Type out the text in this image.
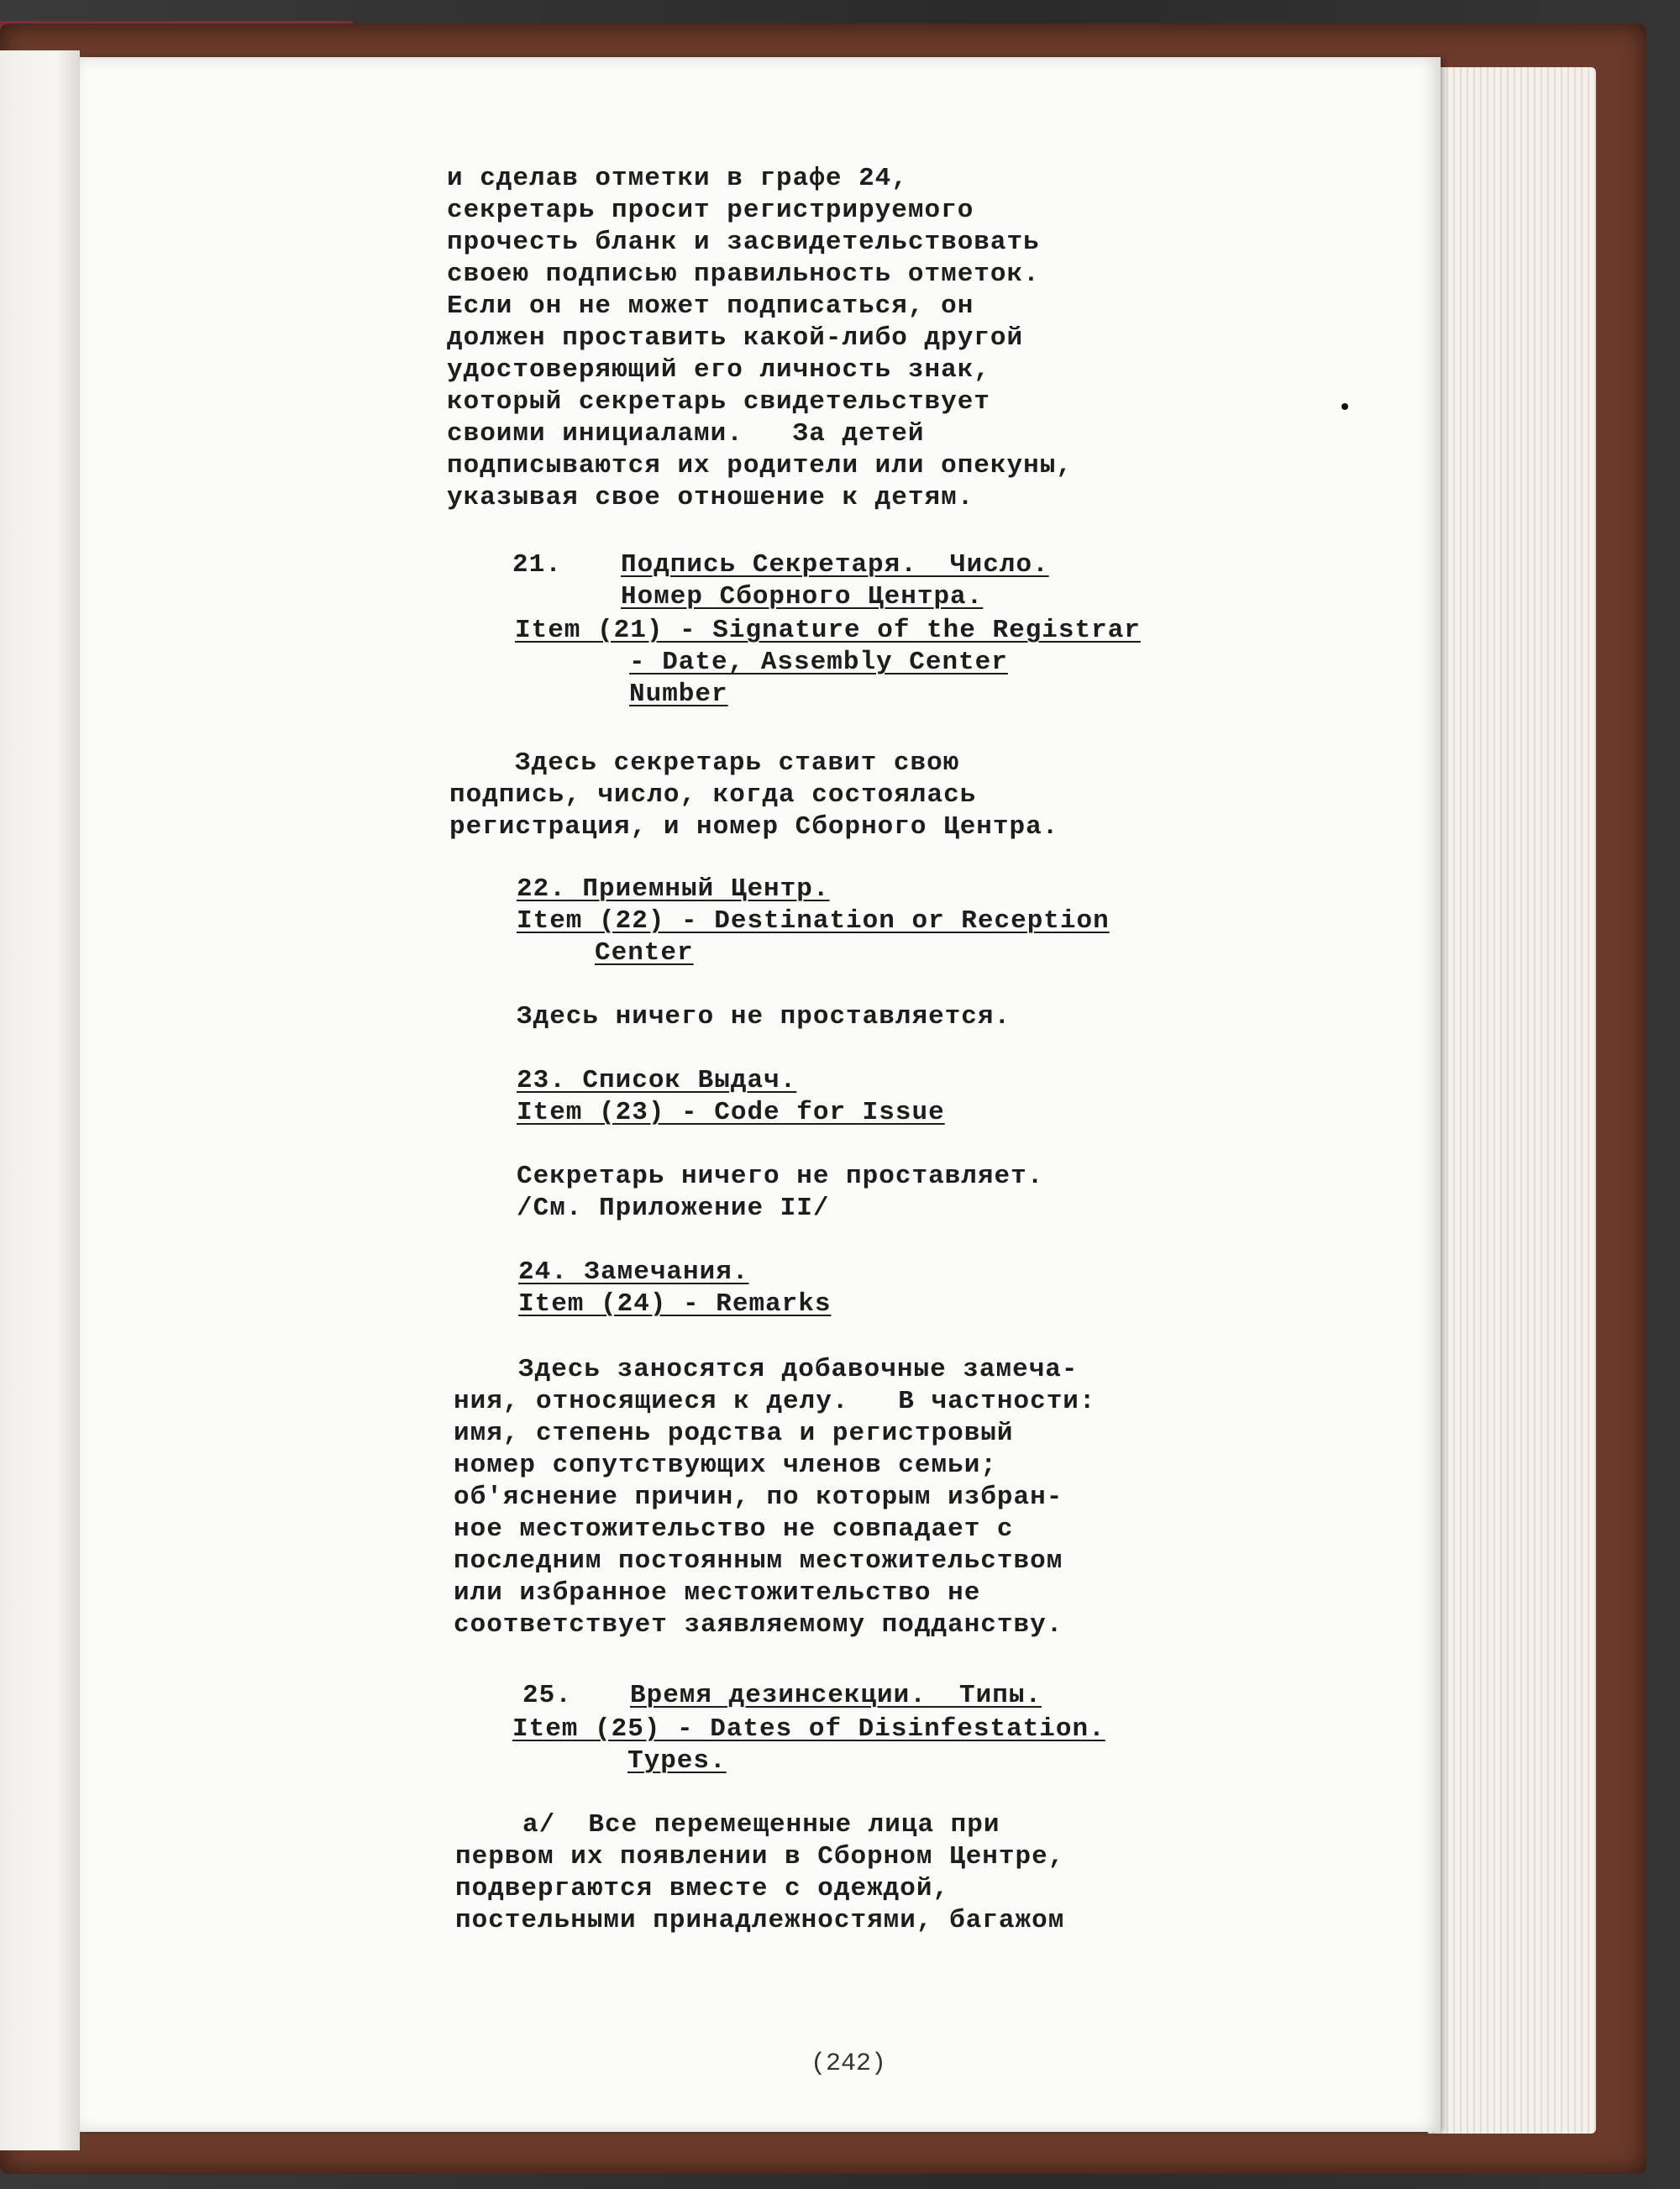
и сделав отметки в графе 24,
секретарь просит регистрируемого
прочесть бланк и засвидетельствовать
своею подписью правильность отметок.
Если он не может подписаться, он
должен проставить какой-либо другой
удостоверяющий его личность знак,
который секретарь свидетельствует
своими инициалами.   За детей
подписываются их родители или опекуны,
указывая свое отношение к детям.
21. Подпись Секретаря.  Число.
Номер Сборного Центра.
Item (21) - Signature of the Registrar
- Date, Assembly Center
Number
Здесь секретарь ставит свою
подпись, число, когда состоялась
регистрация, и номер Сборного Центра.
22. Приемный Центр.
Item (22) - Destination or Reception
Center
Здесь ничего не проставляется.
23. Список Выдач.
Item (23) - Code for Issue
Секретарь ничего не проставляет.
/См. Приложение II/
24. Замечания.
Item (24) - Remarks
Здесь заносятся добавочные замеча-
ния, относящиеся к делу.   В частности:
имя, степень родства и регистровый
номер сопутствующих членов семьи;
об'яснение причин, по которым избран-
ное местожительство не совпадает с
последним постоянным местожительством
или избранное местожительство не
соответствует заявляемому подданству.
25. Время дезинсекции.  Типы.
Item (25) - Dates of Disinfestation.
Types.
а/  Все перемещенные лица при
первом их появлении в Сборном Центре,
подвергаются вместе с одеждой,
постельными принадлежностями, багажом
(242)
